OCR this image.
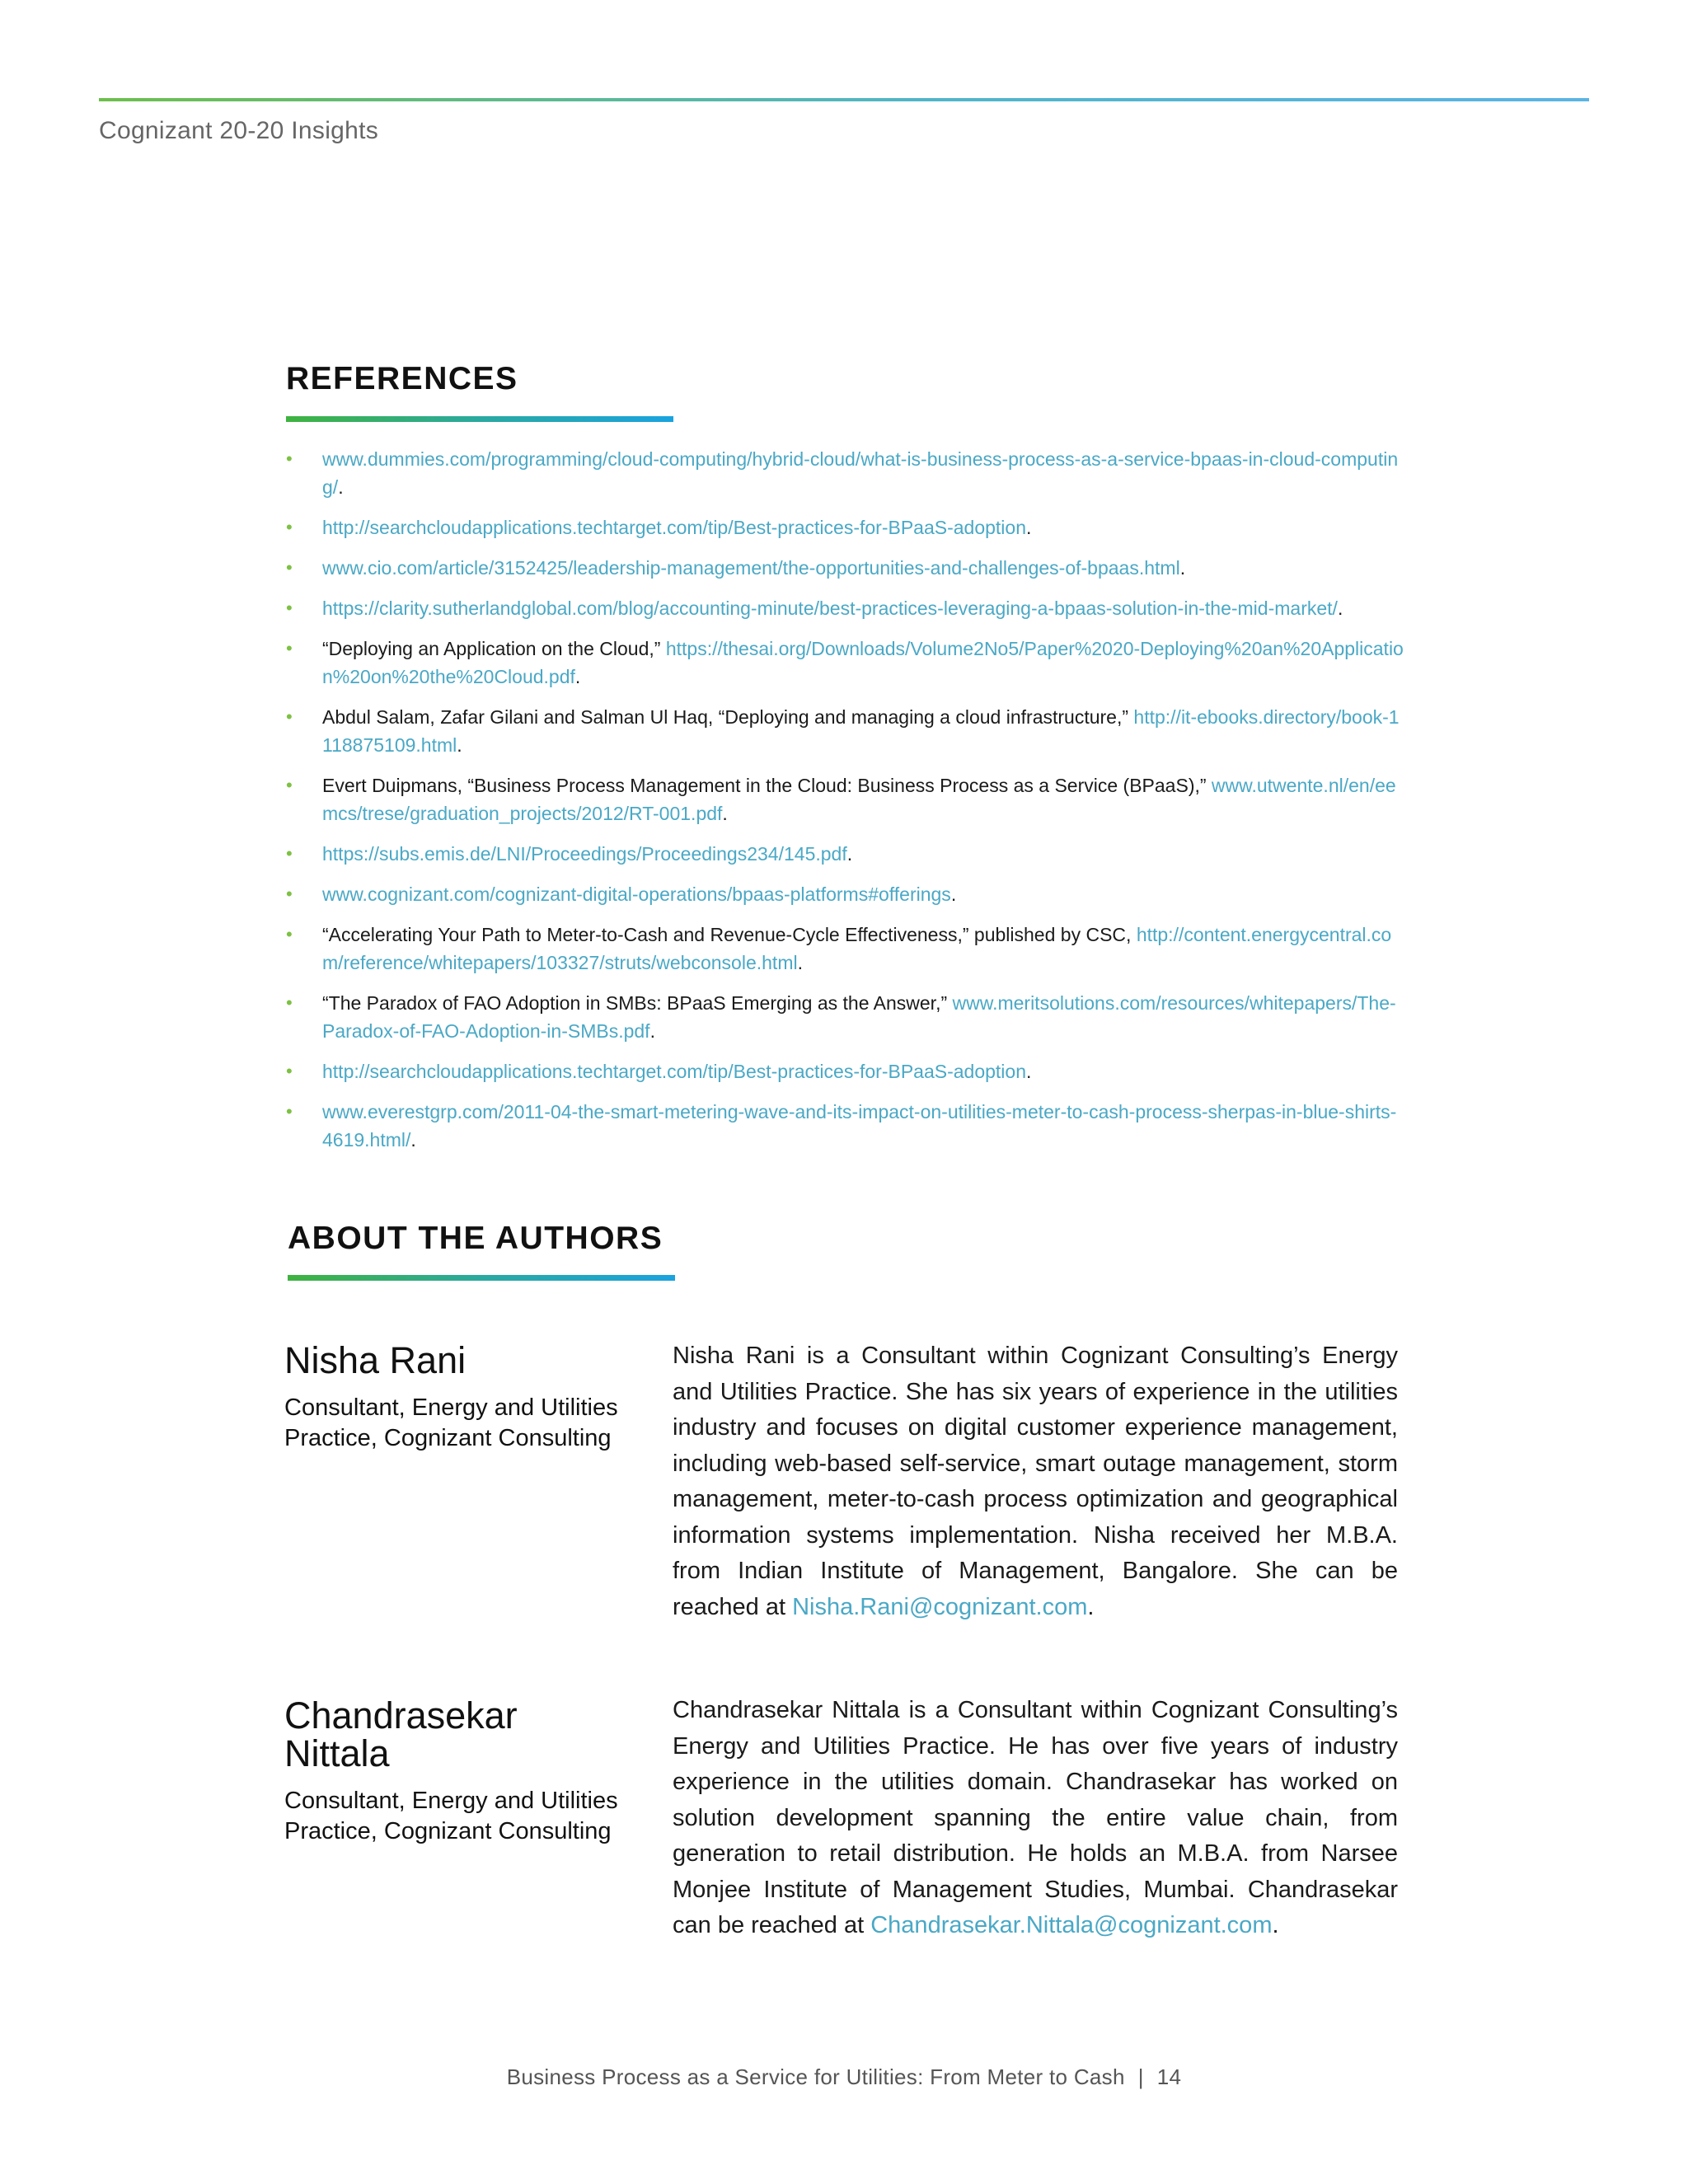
Cognizant 20-20 Insights
REFERENCES
• www.dummies.com/programming/cloud-computing/hybrid-cloud/what-is-business-process-as-a-service-bpaas-in-cloud-computing/.
• http://searchcloudapplications.techtarget.com/tip/Best-practices-for-BPaaS-adoption.
• www.cio.com/article/3152425/leadership-management/the-opportunities-and-challenges-of-bpaas.html.
• https://clarity.sutherlandglobal.com/blog/accounting-minute/best-practices-leveraging-a-bpaas-solution-in-the-mid-market/.
• “Deploying an Application on the Cloud,” https://thesai.org/Downloads/Volume2No5/Paper%2020-Deploying%20an%20Application%20on%20the%20Cloud.pdf.
• Abdul Salam, Zafar Gilani and Salman Ul Haq, “Deploying and managing a cloud infrastructure,” http://it-ebooks.directory/book-1118875109.html.
• Evert Duipmans, “Business Process Management in the Cloud: Business Process as a Service (BPaaS),” www.utwente.nl/en/eemcs/trese/graduation_projects/2012/RT-001.pdf.
• https://subs.emis.de/LNI/Proceedings/Proceedings234/145.pdf.
• www.cognizant.com/cognizant-digital-operations/bpaas-platforms#offerings.
• “Accelerating Your Path to Meter-to-Cash and Revenue-Cycle Effectiveness,” published by CSC, http://content.energycentral.com/reference/whitepapers/103327/struts/webconsole.html.
• “The Paradox of FAO Adoption in SMBs: BPaaS Emerging as the Answer,” www.meritsolutions.com/resources/whitepapers/The-Paradox-of-FAO-Adoption-in-SMBs.pdf.
• http://searchcloudapplications.techtarget.com/tip/Best-practices-for-BPaaS-adoption.
• www.everestgrp.com/2011-04-the-smart-metering-wave-and-its-impact-on-utilities-meter-to-cash-process-sherpas-in-blue-shirts-4619.html/.
ABOUT THE AUTHORS
Nisha Rani
Consultant, Energy and Utilities Practice, Cognizant Consulting
Nisha Rani is a Consultant within Cognizant Consulting’s Energy and Utilities Practice. She has six years of experience in the utilities industry and focuses on digital customer experience management, including web-based self-service, smart outage management, storm management, meter-to-cash process optimization and geographical information systems implementation. Nisha received her M.B.A. from Indian Institute of Management, Bangalore. She can be reached at Nisha.Rani@cognizant.com.
Chandrasekar Nittala
Consultant, Energy and Utilities Practice, Cognizant Consulting
Chandrasekar Nittala is a Consultant within Cognizant Consulting’s Energy and Utilities Practice. He has over five years of industry experience in the utilities domain. Chandrasekar has worked on solution development spanning the entire value chain, from generation to retail distribution. He holds an M.B.A. from Narsee Monjee Institute of Management Studies, Mumbai. Chandrasekar can be reached at Chandrasekar.Nittala@cognizant.com.
Business Process as a Service for Utilities: From Meter to Cash | 14
